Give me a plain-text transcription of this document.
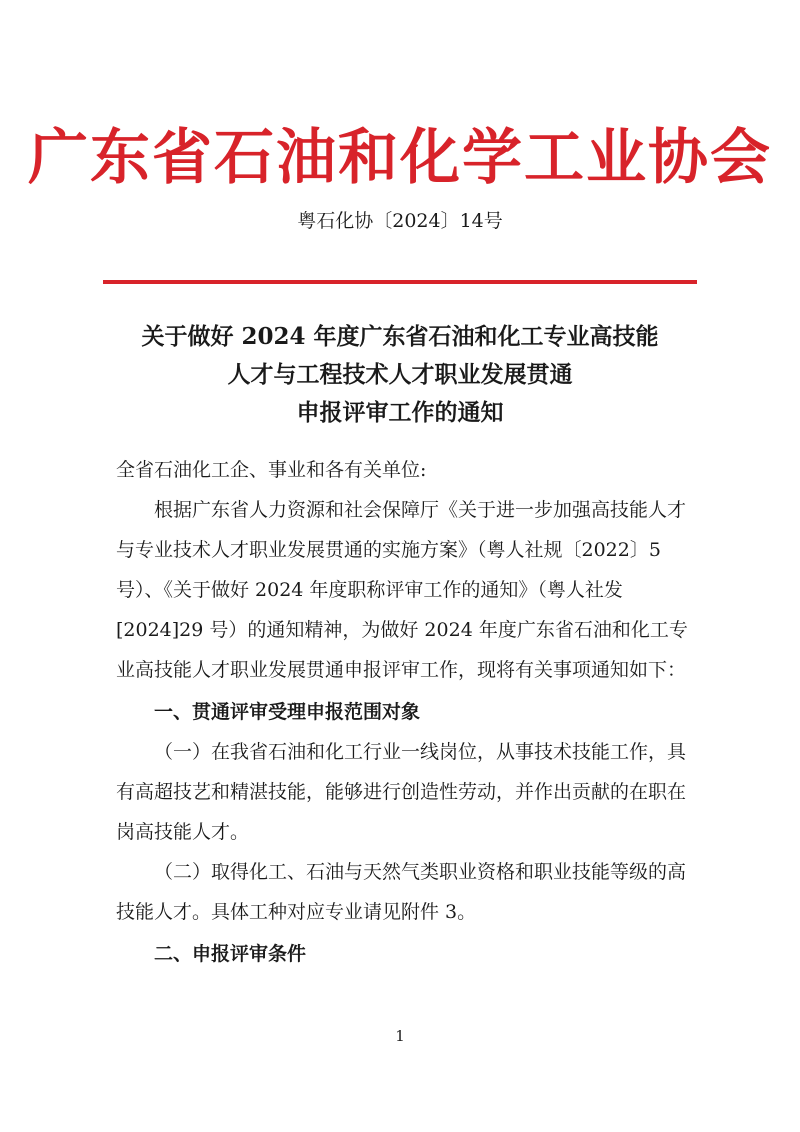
广东省石油和化学工业协会
粤石化协〔2024〕14号
关于做好 2024 年度广东省石油和化工专业高技能
人才与工程技术人才职业发展贯通
申报评审工作的通知

全省石油化工企、事业和各有关单位:

根据广东省人力资源和社会保障厅《关于进一步加强高技能人才与专业技术人才职业发展贯通的实施方案》（粤人社规〔2022〕5 号）、《关于做好 2024 年度职称评审工作的通知》（粤人社发[2024]29 号）的通知精神，为做好 2024 年度广东省石油和化工专业高技能人才职业发展贯通申报评审工作，现将有关事项通知如下：

一、贯通评审受理申报范围对象

（一）在我省石油和化工行业一线岗位，从事技术技能工作，具有高超技艺和精湛技能，能够进行创造性劳动，并作出贡献的在职在岗高技能人才。

（二）取得化工、石油与天然气类职业资格和职业技能等级的高技能人才。具体工种对应专业请见附件 3。

二、申报评审条件

1
